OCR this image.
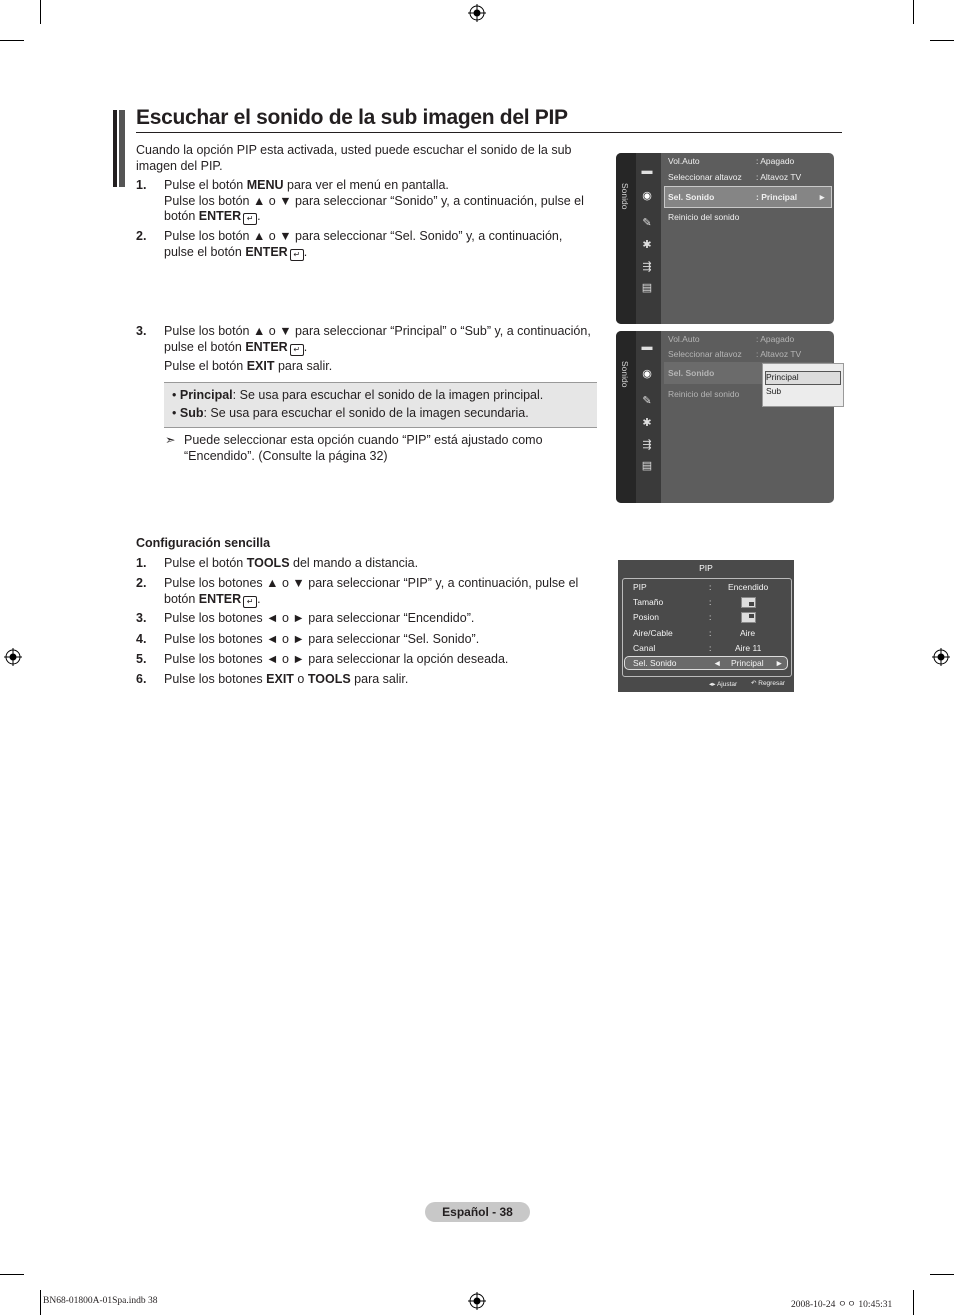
Escuchar el sonido de la sub imagen del PIP
Cuando la opción PIP esta activada, usted puede escuchar el sonido de la sub imagen del PIP.
1. Pulse el botón MENU para ver el menú en pantalla.
Pulse los botón ▲ o ▼ para seleccionar “Sonido” y, a continuación, pulse el
botón ENTER ↵ .
2. Pulse los botón ▲ o ▼ para seleccionar “Sel. Sonido” y, a continuación,
pulse el botón ENTER ↵ .
3. Pulse los botón ▲ o ▼ para seleccionar “Principal” o “Sub” y, a continuación,
pulse el botón ENTER ↵ .
Pulse el botón EXIT para salir.
• Principal: Se usa para escuchar el sonido de la imagen principal.
• Sub: Se usa para escuchar el sonido de la imagen secundaria.
➣ Puede seleccionar esta opción cuando “PIP” está ajustado como
“Encendido”. (Consulte la página 32)
Sonido
▬
◉
✎
✱
⇶
▤
Vol.Auto	: Apagado
Seleccionar altavoz : Altavoz TV
Sel. Sonido	: Principal ►
Reinicio del sonido
Sonido
▬
◉
✎
✱
⇶
▤
Vol.Auto	: Apagado
Seleccionar altavoz : Altavoz TV
Sel. Sonido
Reinicio del sonido
Principal
Sub
Configuración sencilla
1. Pulse el botón TOOLS del mando a distancia.
2. Pulse los botones ▲ o ▼ para seleccionar “PIP” y, a continuación, pulse el
botón ENTER ↵ .
3. Pulse los botones ◄ o ► para seleccionar “Encendido”.
4. Pulse los botones ◄ o ► para seleccionar “Sel. Sonido”.
5. Pulse los botones ◄ o ► para seleccionar la opción deseada.
6. Pulse los botones EXIT o TOOLS para salir.
PIP
PIP	: Encendido
Tamaño	:
Posion	:
Aire/Cable	:	Aire
Canal	:	Aire 11
Sel. Sonido	◄ Principal ►
◂▸ Ajustar ↶ Regresar
Español - 38
BN68-01800A-01Spa.indb 38	2008-10-24 ㅇㅇ 10:45:31
